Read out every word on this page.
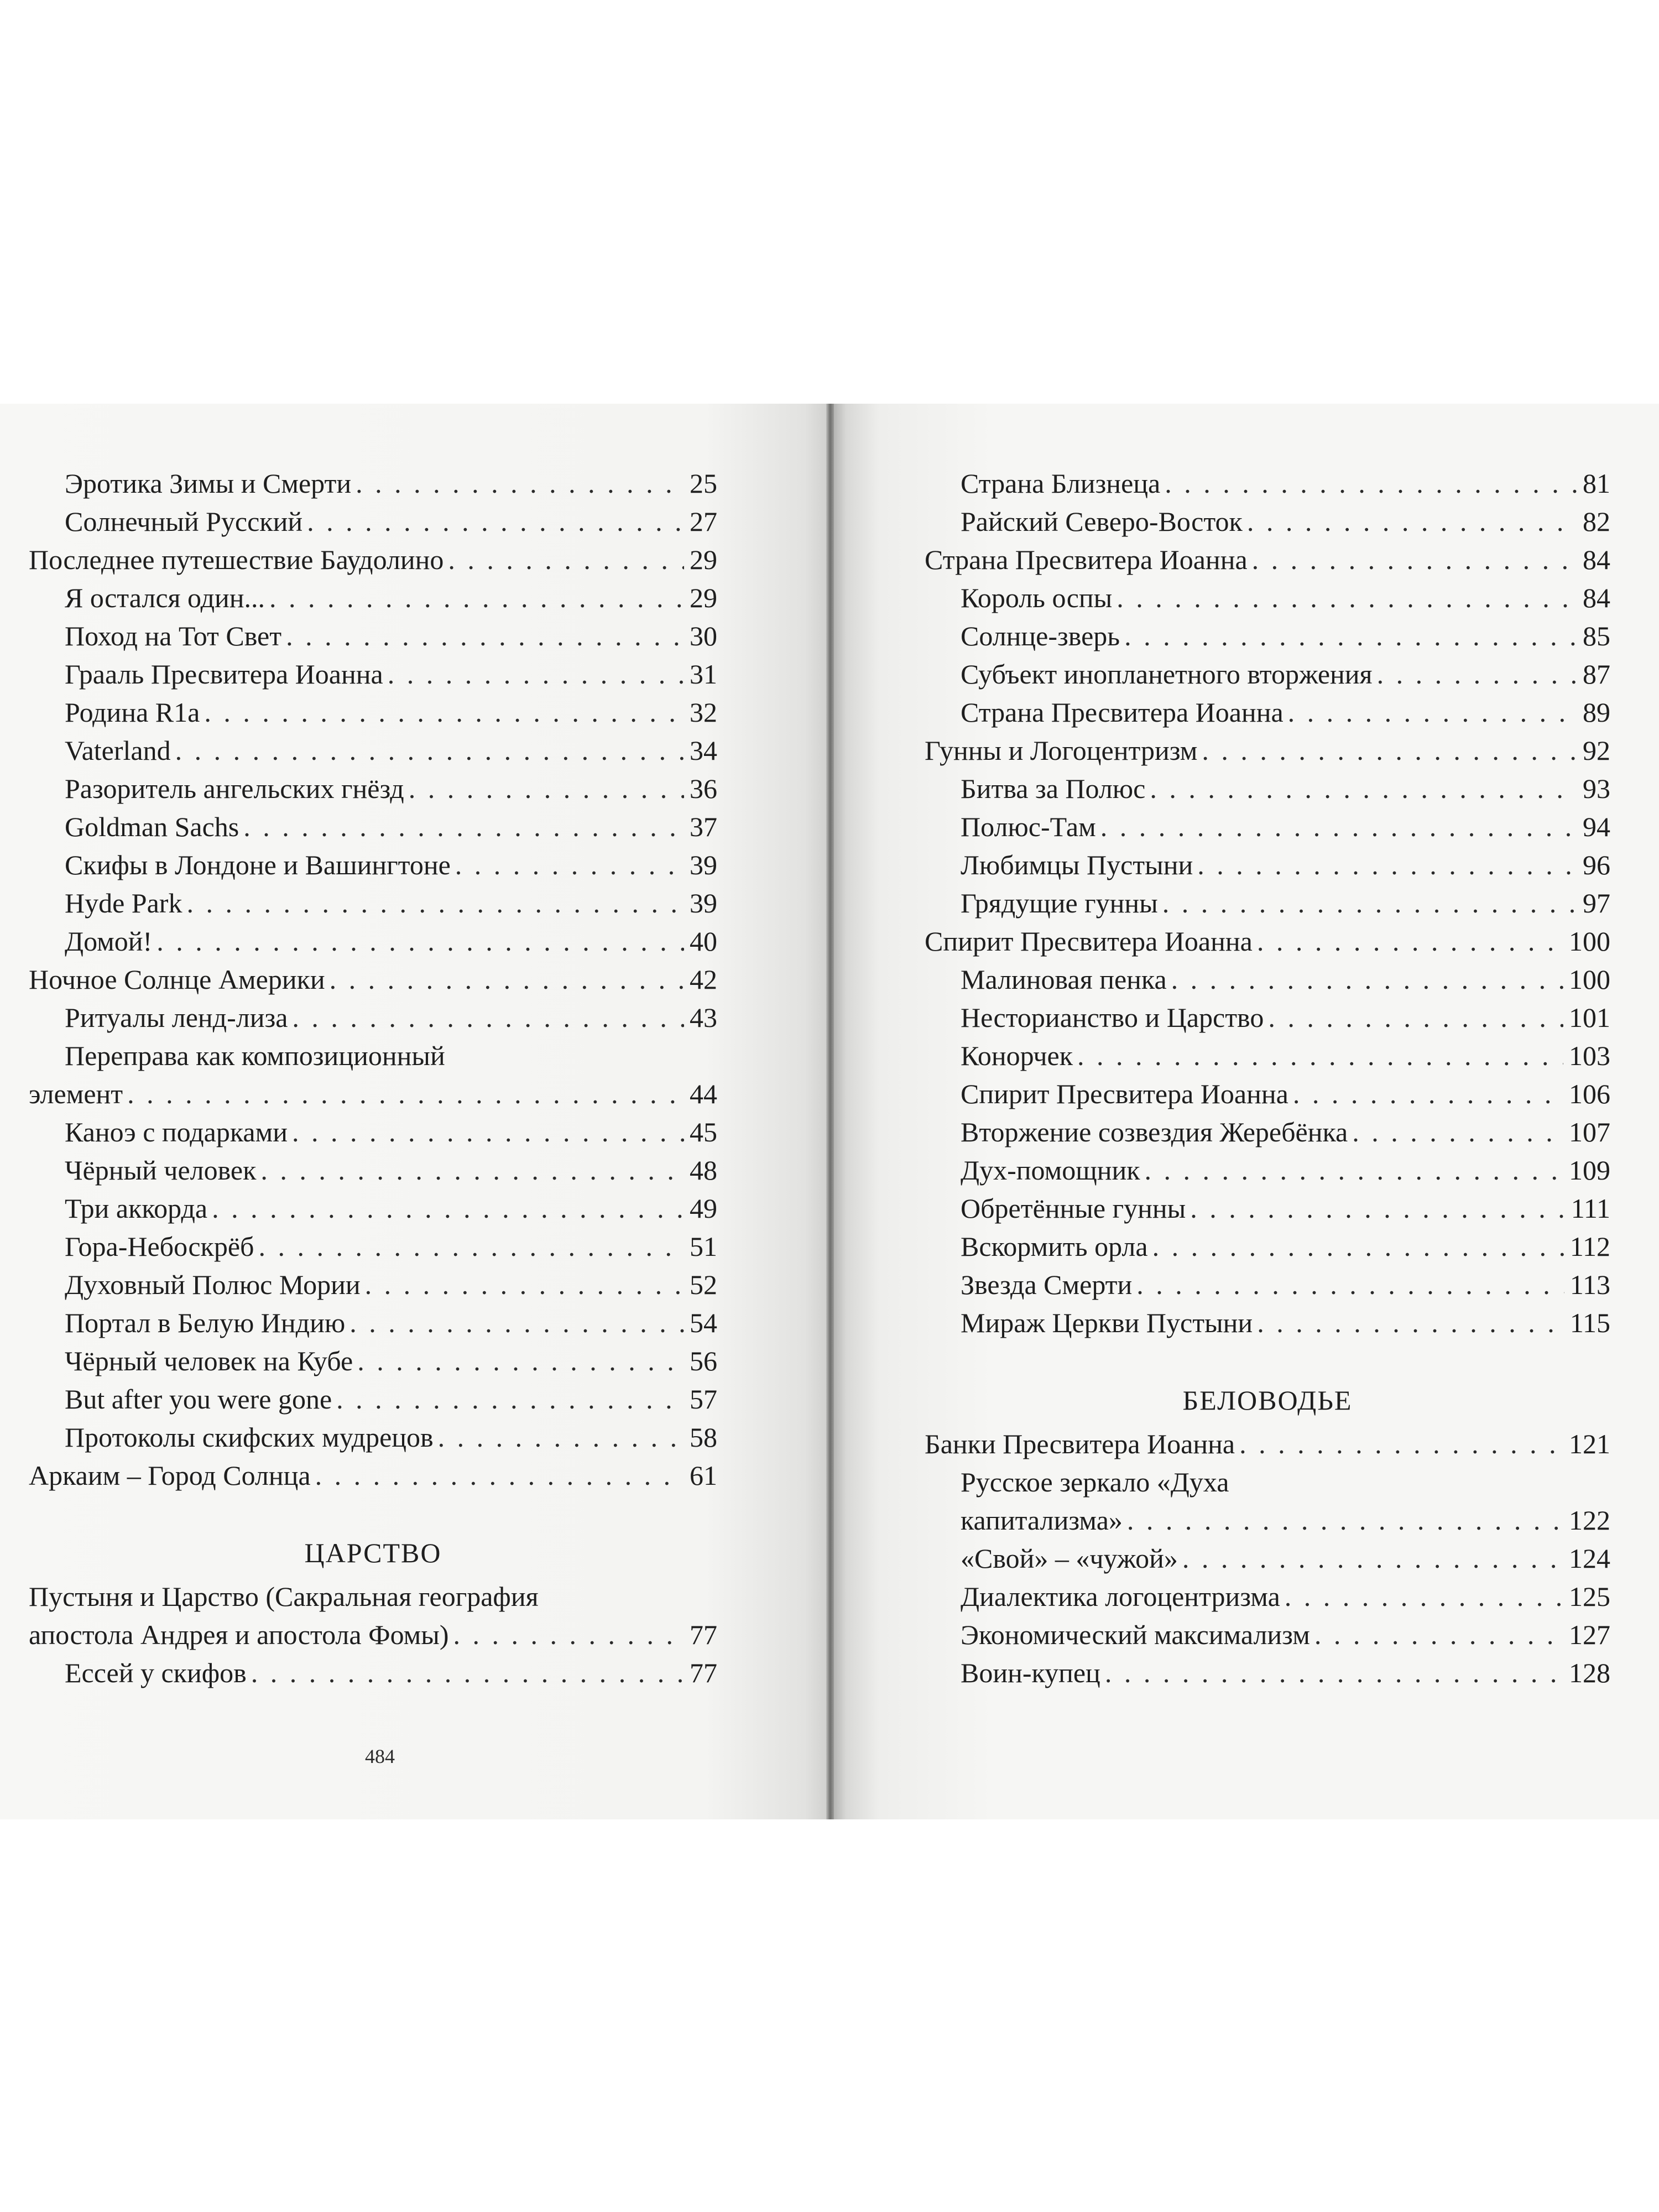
Эротика Зимы и Смерти . . .	25
Солнечный Русский . . .	27
Последнее путешествие Баудолино . . .	29
Я остался один... . . .	29
Поход на Тот Свет . . .	30
Грааль Пресвитера Иоанна . . .	31
Родина R1a . . .	32
Vaterland . . .	34
Разоритель ангельских гнёзд . . .	36
Goldman Sachs . . .	37
Скифы в Лондоне и Вашингтоне . . .	39
Hyde Park . . .	39
Домой! . . .	40
Ночное Солнце Америки . . .	42
Ритуалы ленд-лиза . . .	43
Переправа как композиционный
элемент . . .	44
Каноэ с подарками . . .	45
Чёрный человек . . .	48
Три аккорда . . .	49
Гора-Небоскрёб . . .	51
Духовный Полюс Мории . . .	52
Портал в Белую Индию . . .	54
Чёрный человек на Кубе . . .	56
But after you were gone . . .	57
Протоколы скифских мудрецов . . .	58
Аркаим – Город Солнца . . .	61
ЦАРСТВО
Пустыня и Царство (Сакральная география
апостола Андрея и апостола Фомы) . . .	77
Ессей у скифов . . .	77
484
Страна Близнеца . . .	81
Райский Северо-Восток . . .	82
Страна Пресвитера Иоанна . . .	84
Король оспы . . .	84
Солнце-зверь . . .	85
Субъект инопланетного вторжения . . .	87
Страна Пресвитера Иоанна . . .	89
Гунны и Логоцентризм . . .	92
Битва за Полюс . . .	93
Полюс-Там . . .	94
Любимцы Пустыни . . .	96
Грядущие гунны . . .	97
Спирит Пресвитера Иоанна . . .	100
Малиновая пенка . . .	100
Несторианство и Царство . . .	101
Конорчек . . .	103
Спирит Пресвитера Иоанна . . .	106
Вторжение созвездия Жеребёнка . . .	107
Дух-помощник . . .	109
Обретённые гунны . . .	111
Вскормить орла . . .	112
Звезда Смерти . . .	113
Мираж Церкви Пустыни . . .	115
БЕЛОВОДЬЕ
Банки Пресвитера Иоанна . . .	121
Русское зеркало «Духа
капитализма» . . .	122
«Свой» – «чужой» . . .	124
Диалектика логоцентризма . . .	125
Экономический максимализм . . .	127
Воин-купец . . .	128
